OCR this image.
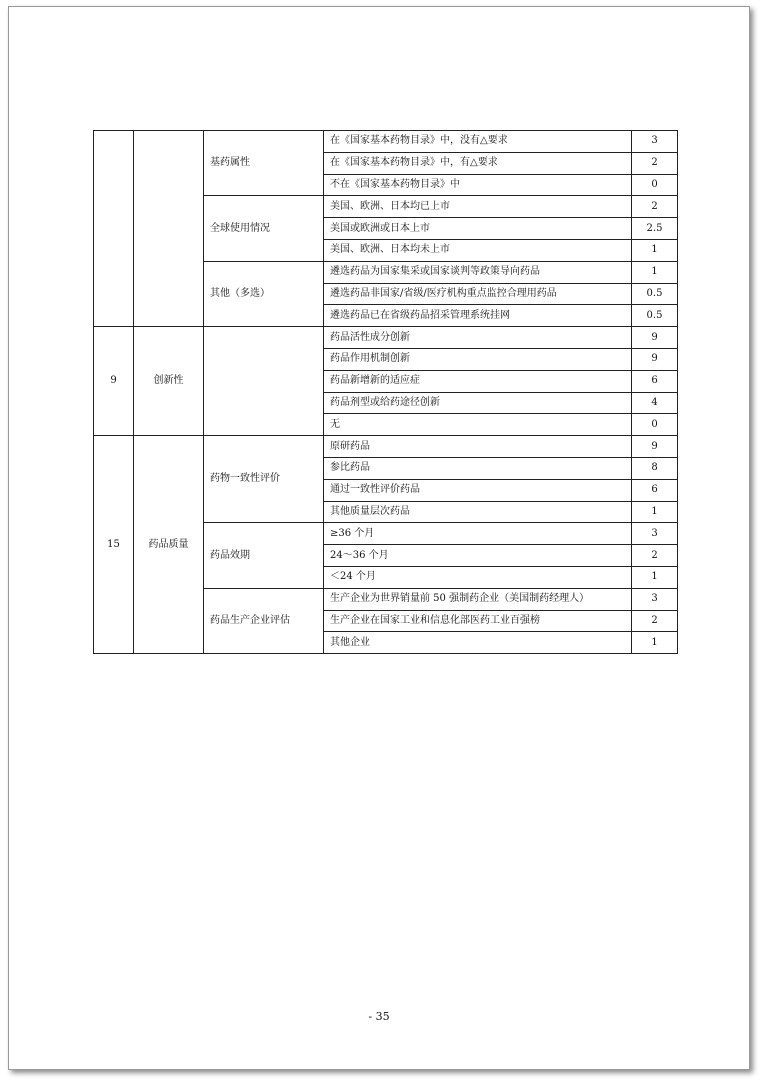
		基药属性	在《国家基本药物目录》中，没有△要求	3
			在《国家基本药物目录》中，有△要求	2
			不在《国家基本药物目录》中	0
		全球使用情况	美国、欧洲、日本均已上市	2
			美国或欧洲或日本上市	2.5
			美国、欧洲、日本均未上市	1
		其他（多选）	遴选药品为国家集采或国家谈判等政策导向药品	1
			遴选药品非国家/省级/医疗机构重点监控合理用药品	0.5
			遴选药品已在省级药品招采管理系统挂网	0.5
9	创新性		药品活性成分创新	9
			药品作用机制创新	9
			药品新增新的适应症	6
			药品剂型或给药途径创新	4
			无	0
15	药品质量	药物一致性评价	原研药品	9
			参比药品	8
			通过一致性评价药品	6
			其他质量层次药品	1
		药品效期	≥36 个月	3
			24～36 个月	2
			＜24 个月	1
		药品生产企业评估	生产企业为世界销量前 50 强制药企业（美国制药经理人）	3
			生产企业在国家工业和信息化部医药工业百强榜	2
			其他企业	1
- 35
